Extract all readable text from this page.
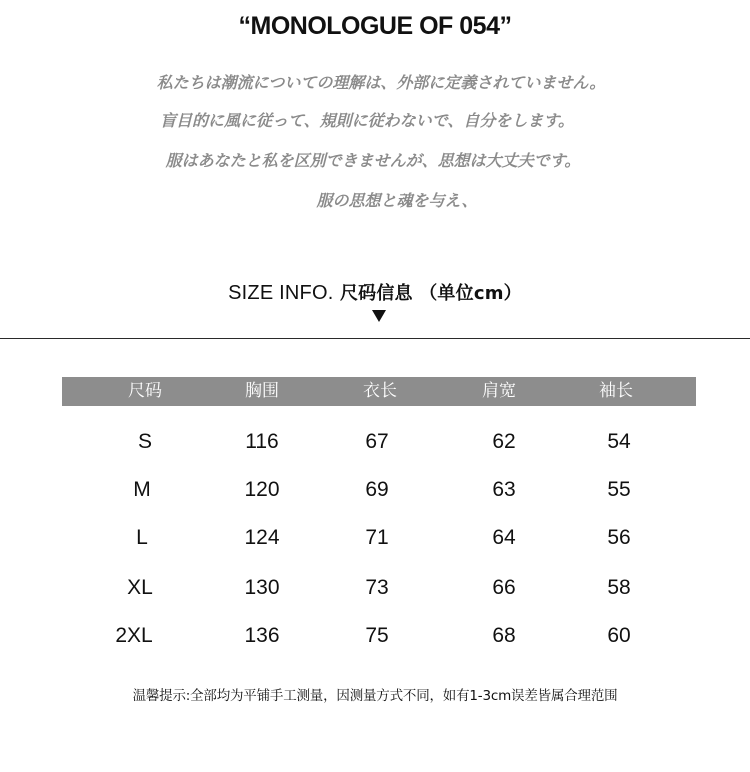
“MONOLOGUE OF 054”
私たちは潮流についての理解は、外部に定義されていません。
盲目的に風に従って、規則に従わないで、自分をします。
服はあなたと私を区別できませんが、思想は大丈夫です。
服の思想と魂を与え、
SIZE INFO. 尺码信息 （单位cm）
尺码	胸围	衣长	肩宽	袖长
S	116	67	62	54
M	120	69	63	55
L	124	71	64	56
XL	130	73	66	58
2XL	136	75	68	60
温馨提示:全部均为平铺手工测量，因测量方式不同，如有1-3cm误差皆属合理范围
